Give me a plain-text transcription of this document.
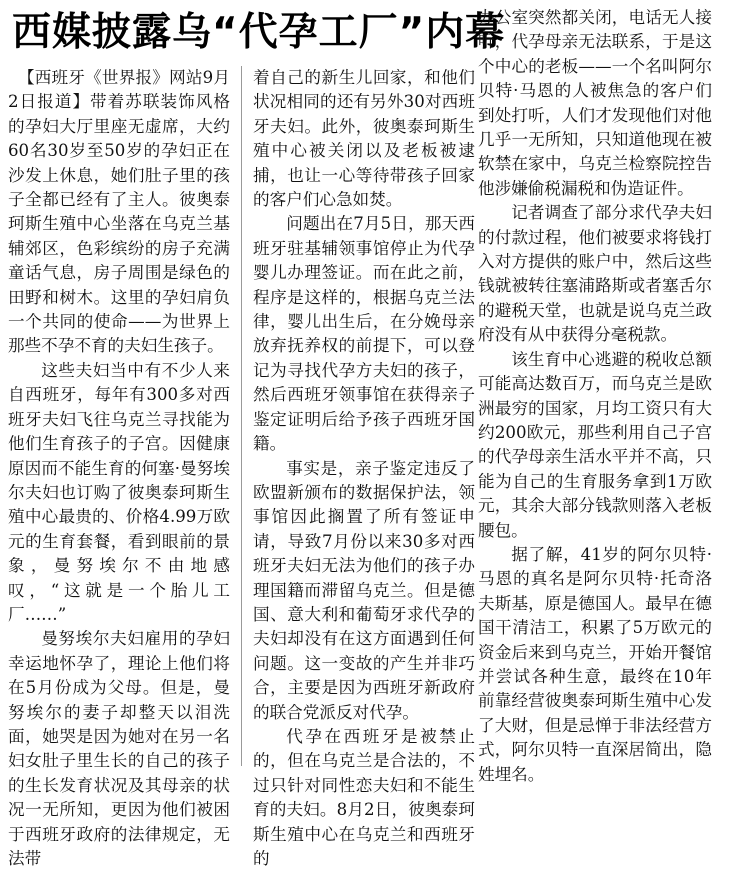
西媒披露乌“代孕工厂”内幕

【西班牙《世界报》网站9月2日报道】带着苏联装饰风格的孕妇大厅里座无虚席，大约60名30岁至50岁的孕妇正在沙发上休息，她们肚子里的孩子全都已经有了主人。彼奥泰珂斯生殖中心坐落在乌克兰基辅郊区，色彩缤纷的房子充满童话气息，房子周围是绿色的田野和树木。这里的孕妇肩负一个共同的使命——为世界上那些不孕不育的夫妇生孩子。

这些夫妇当中有不少人来自西班牙，每年有300多对西班牙夫妇飞往乌克兰寻找能为他们生育孩子的子宫。因健康原因而不能生育的何塞·曼努埃尔夫妇也订购了彼奥泰珂斯生殖中心最贵的、价格4.99万欧元的生育套餐，看到眼前的景象，曼努埃尔不由地感叹，“这就是一个胎儿工厂……”

曼努埃尔夫妇雇用的孕妇幸运地怀孕了，理论上他们将在5月份成为父母。但是，曼努埃尔的妻子却整天以泪洗面，她哭是因为她对在另一名妇女肚子里生长的自己的孩子的生长发育状况及其母亲的状况一无所知，更因为他们被困于西班牙政府的法律规定，无法带

着自己的新生儿回家，和他们状况相同的还有另外30对西班牙夫妇。此外，彼奥泰珂斯生殖中心被关闭以及老板被逮捕，也让一心等待带孩子回家的客户们心急如焚。

问题出在7月5日，那天西班牙驻基辅领事馆停止为代孕婴儿办理签证。而在此之前，程序是这样的，根据乌克兰法律，婴儿出生后，在分娩母亲放弃抚养权的前提下，可以登记为寻找代孕方夫妇的孩子，然后西班牙领事馆在获得亲子鉴定证明后给予孩子西班牙国籍。

事实是，亲子鉴定违反了欧盟新颁布的数据保护法，领事馆因此搁置了所有签证申请，导致7月份以来30多对西班牙夫妇无法为他们的孩子办理国籍而滞留乌克兰。但是德国、意大利和葡萄牙求代孕的夫妇却没有在这方面遇到任何问题。这一变故的产生并非巧合，主要是因为西班牙新政府的联合党派反对代孕。

代孕在西班牙是被禁止的，但在乌克兰是合法的，不过只针对同性恋夫妇和不能生育的夫妇。8月2日，彼奥泰珂斯生殖中心在乌克兰和西班牙的

办公室突然都关闭，电话无人接听，代孕母亲无法联系，于是这个中心的老板——一个名叫阿尔贝特·马恩的人被焦急的客户们到处打听，人们才发现他们对他几乎一无所知，只知道他现在被软禁在家中，乌克兰检察院控告他涉嫌偷税漏税和伪造证件。

记者调查了部分求代孕夫妇的付款过程，他们被要求将钱打入对方提供的账户中，然后这些钱就被转往塞浦路斯或者塞舌尔的避税天堂，也就是说乌克兰政府没有从中获得分毫税款。

该生育中心逃避的税收总额可能高达数百万，而乌克兰是欧洲最穷的国家，月均工资只有大约200欧元，那些利用自己子宫的代孕母亲生活水平并不高，只能为自己的生育服务拿到1万欧元，其余大部分钱款则落入老板腰包。

据了解，41岁的阿尔贝特·马恩的真名是阿尔贝特·托奇洛夫斯基，原是德国人。最早在德国干清洁工，积累了5万欧元的资金后来到乌克兰，开始开餐馆并尝试各种生意，最终在10年前靠经营彼奥泰珂斯生殖中心发了大财，但是忌惮于非法经营方式，阿尔贝特一直深居简出，隐姓埋名。
